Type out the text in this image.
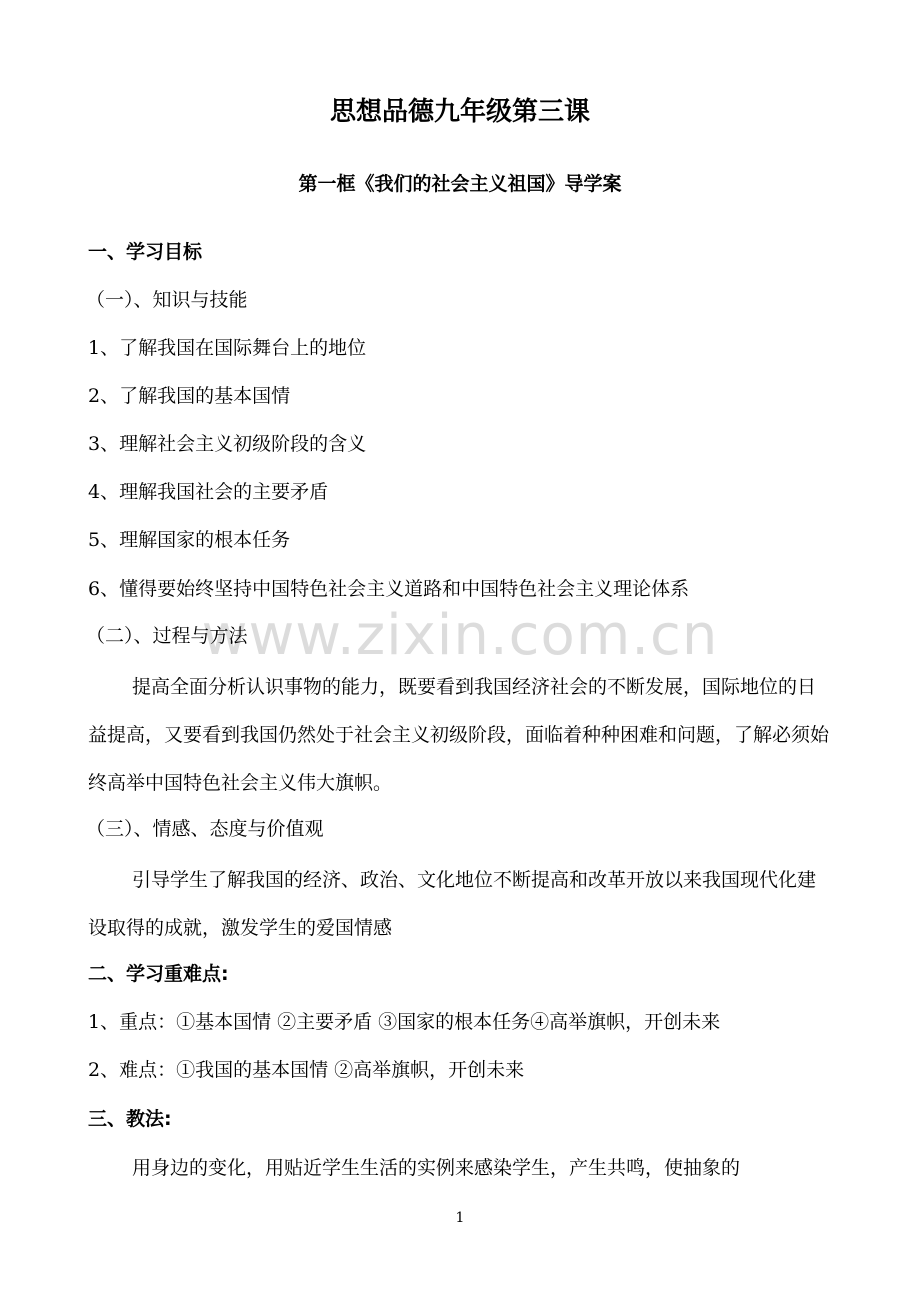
www.zixin.com.cn
思想品德九年级第三课
第一框《我们的社会主义祖国》导学案
一、学习目标
（一）、知识与技能
1、了解我国在国际舞台上的地位
2、了解我国的基本国情
3、理解社会主义初级阶段的含义
4、理解我国社会的主要矛盾
5、理解国家的根本任务
6、懂得要始终坚持中国特色社会主义道路和中国特色社会主义理论体系
（二）、过程与方法
提高全面分析认识事物的能力，既要看到我国经济社会的不断发展，国际地位的日益提高，又要看到我国仍然处于社会主义初级阶段，面临着种种困难和问题，了解必须始终高举中国特色社会主义伟大旗帜。
（三）、情感、态度与价值观
引导学生了解我国的经济、政治、文化地位不断提高和改革开放以来我国现代化建设取得的成就，激发学生的爱国情感
二、学习重难点:
1、重点：①基本国情 ②主要矛盾 ③国家的根本任务④高举旗帜，开创未来
2、难点：①我国的基本国情 ②高举旗帜，开创未来
三、教法:
用身边的变化，用贴近学生生活的实例来感染学生，产生共鸣，使抽象的
1
